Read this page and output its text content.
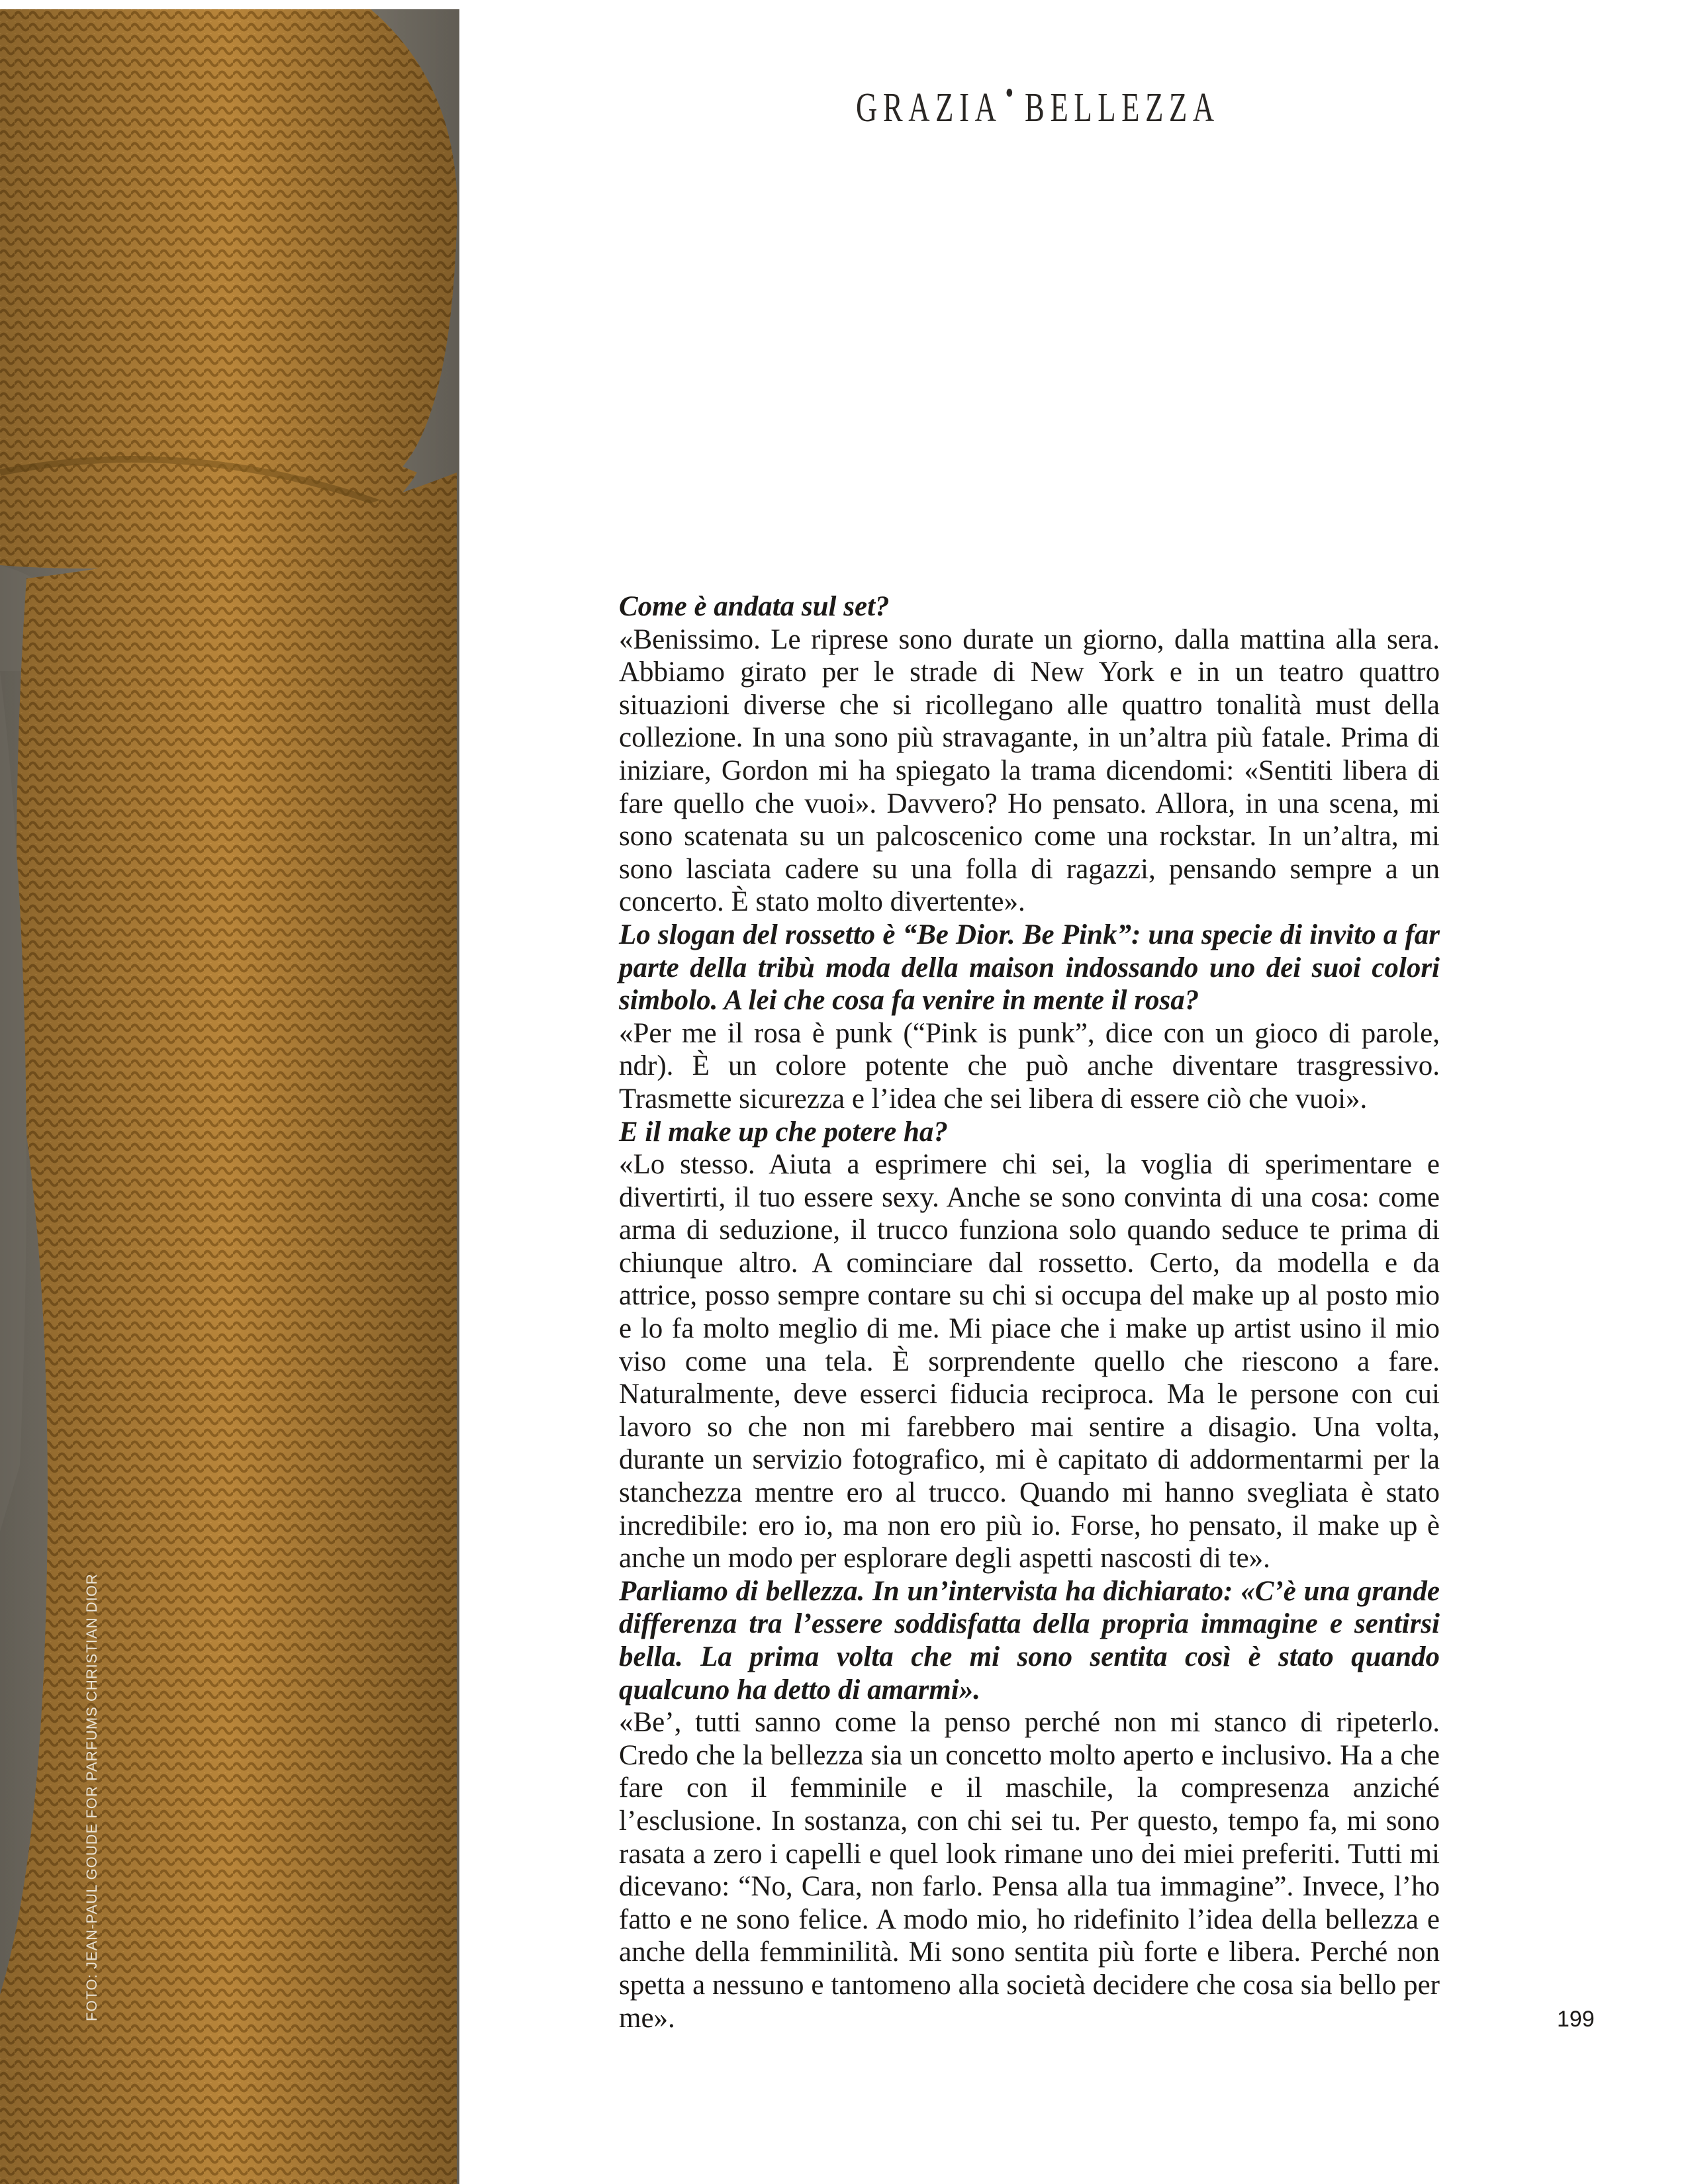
FOTO: JEAN-PAUL GOUDE FOR PARFUMS CHRISTIAN DIOR
GRAZIA BELLEZZA

Come è andata sul set?

«Benissimo. Le riprese sono durate un giorno, dalla mattina alla sera. Abbiamo girato per le strade di New York e in un teatro quattro situazioni diverse che si ricollegano alle quattro tonalità must della collezione. In una sono più stravagante, in un’altra più fatale. Prima di iniziare, Gordon mi ha spiegato la trama dicendomi: «Sentiti libera di fare quello che vuoi». Davvero? Ho pensato. Allora, in una scena, mi sono scatenata su un palcoscenico come una rockstar. In un’altra, mi sono lasciata cadere su una folla di ragazzi, pensando sempre a un concerto. È stato molto divertente».

Lo slogan del rossetto è “Be Dior. Be Pink”: una specie di invito a far parte della tribù moda della maison indossando uno dei suoi colori simbolo. A lei che cosa fa venire in mente il rosa?

«Per me il rosa è punk (“Pink is punk”, dice con un gioco di parole, ndr). È un colore potente che può anche diventare trasgressivo. Trasmette sicurezza e l’idea che sei libera di essere ciò che vuoi».

E il make up che potere ha?

«Lo stesso. Aiuta a esprimere chi sei, la voglia di sperimentare e divertirti, il tuo essere sexy. Anche se sono convinta di una cosa: come arma di seduzione, il trucco funziona solo quando seduce te prima di chiunque altro. A cominciare dal rossetto. Certo, da modella e da attrice, posso sempre contare su chi si occupa del make up al posto mio e lo fa molto meglio di me. Mi piace che i make up artist usino il mio viso come una tela. È sorprendente quello che riescono a fare. Naturalmente, deve esserci fiducia reciproca. Ma le persone con cui lavoro so che non mi farebbero mai sentire a disagio. Una volta, durante un servizio fotografico, mi è capitato di addormentarmi per la stanchezza mentre ero al trucco. Quando mi hanno svegliata è stato incredibile: ero io, ma non ero più io. Forse, ho pensato, il make up è anche un modo per esplorare degli aspetti nascosti di te».

Parliamo di bellezza. In un’intervista ha dichiarato: «C’è una grande differenza tra l’essere soddisfatta della propria immagine e sentirsi bella. La prima volta che mi sono sentita così è stato quando qualcuno ha detto di amarmi».

«Be’, tutti sanno come la penso perché non mi stanco di ripeterlo. Credo che la bellezza sia un concetto molto aperto e inclusivo. Ha a che fare con il femminile e il maschile, la compresenza anziché l’esclusione. In sostanza, con chi sei tu. Per questo, tempo fa, mi sono rasata a zero i capelli e quel look rimane uno dei miei preferiti. Tutti mi dicevano: “No, Cara, non farlo. Pensa alla tua immagine”. Invece, l’ho fatto e ne sono felice. A modo mio, ho ridefinito l’idea della bellezza e anche della femminilità. Mi sono sentita più forte e libera. Perché non spetta a nessuno e tantomeno alla società decidere che cosa sia bello per me».	199
